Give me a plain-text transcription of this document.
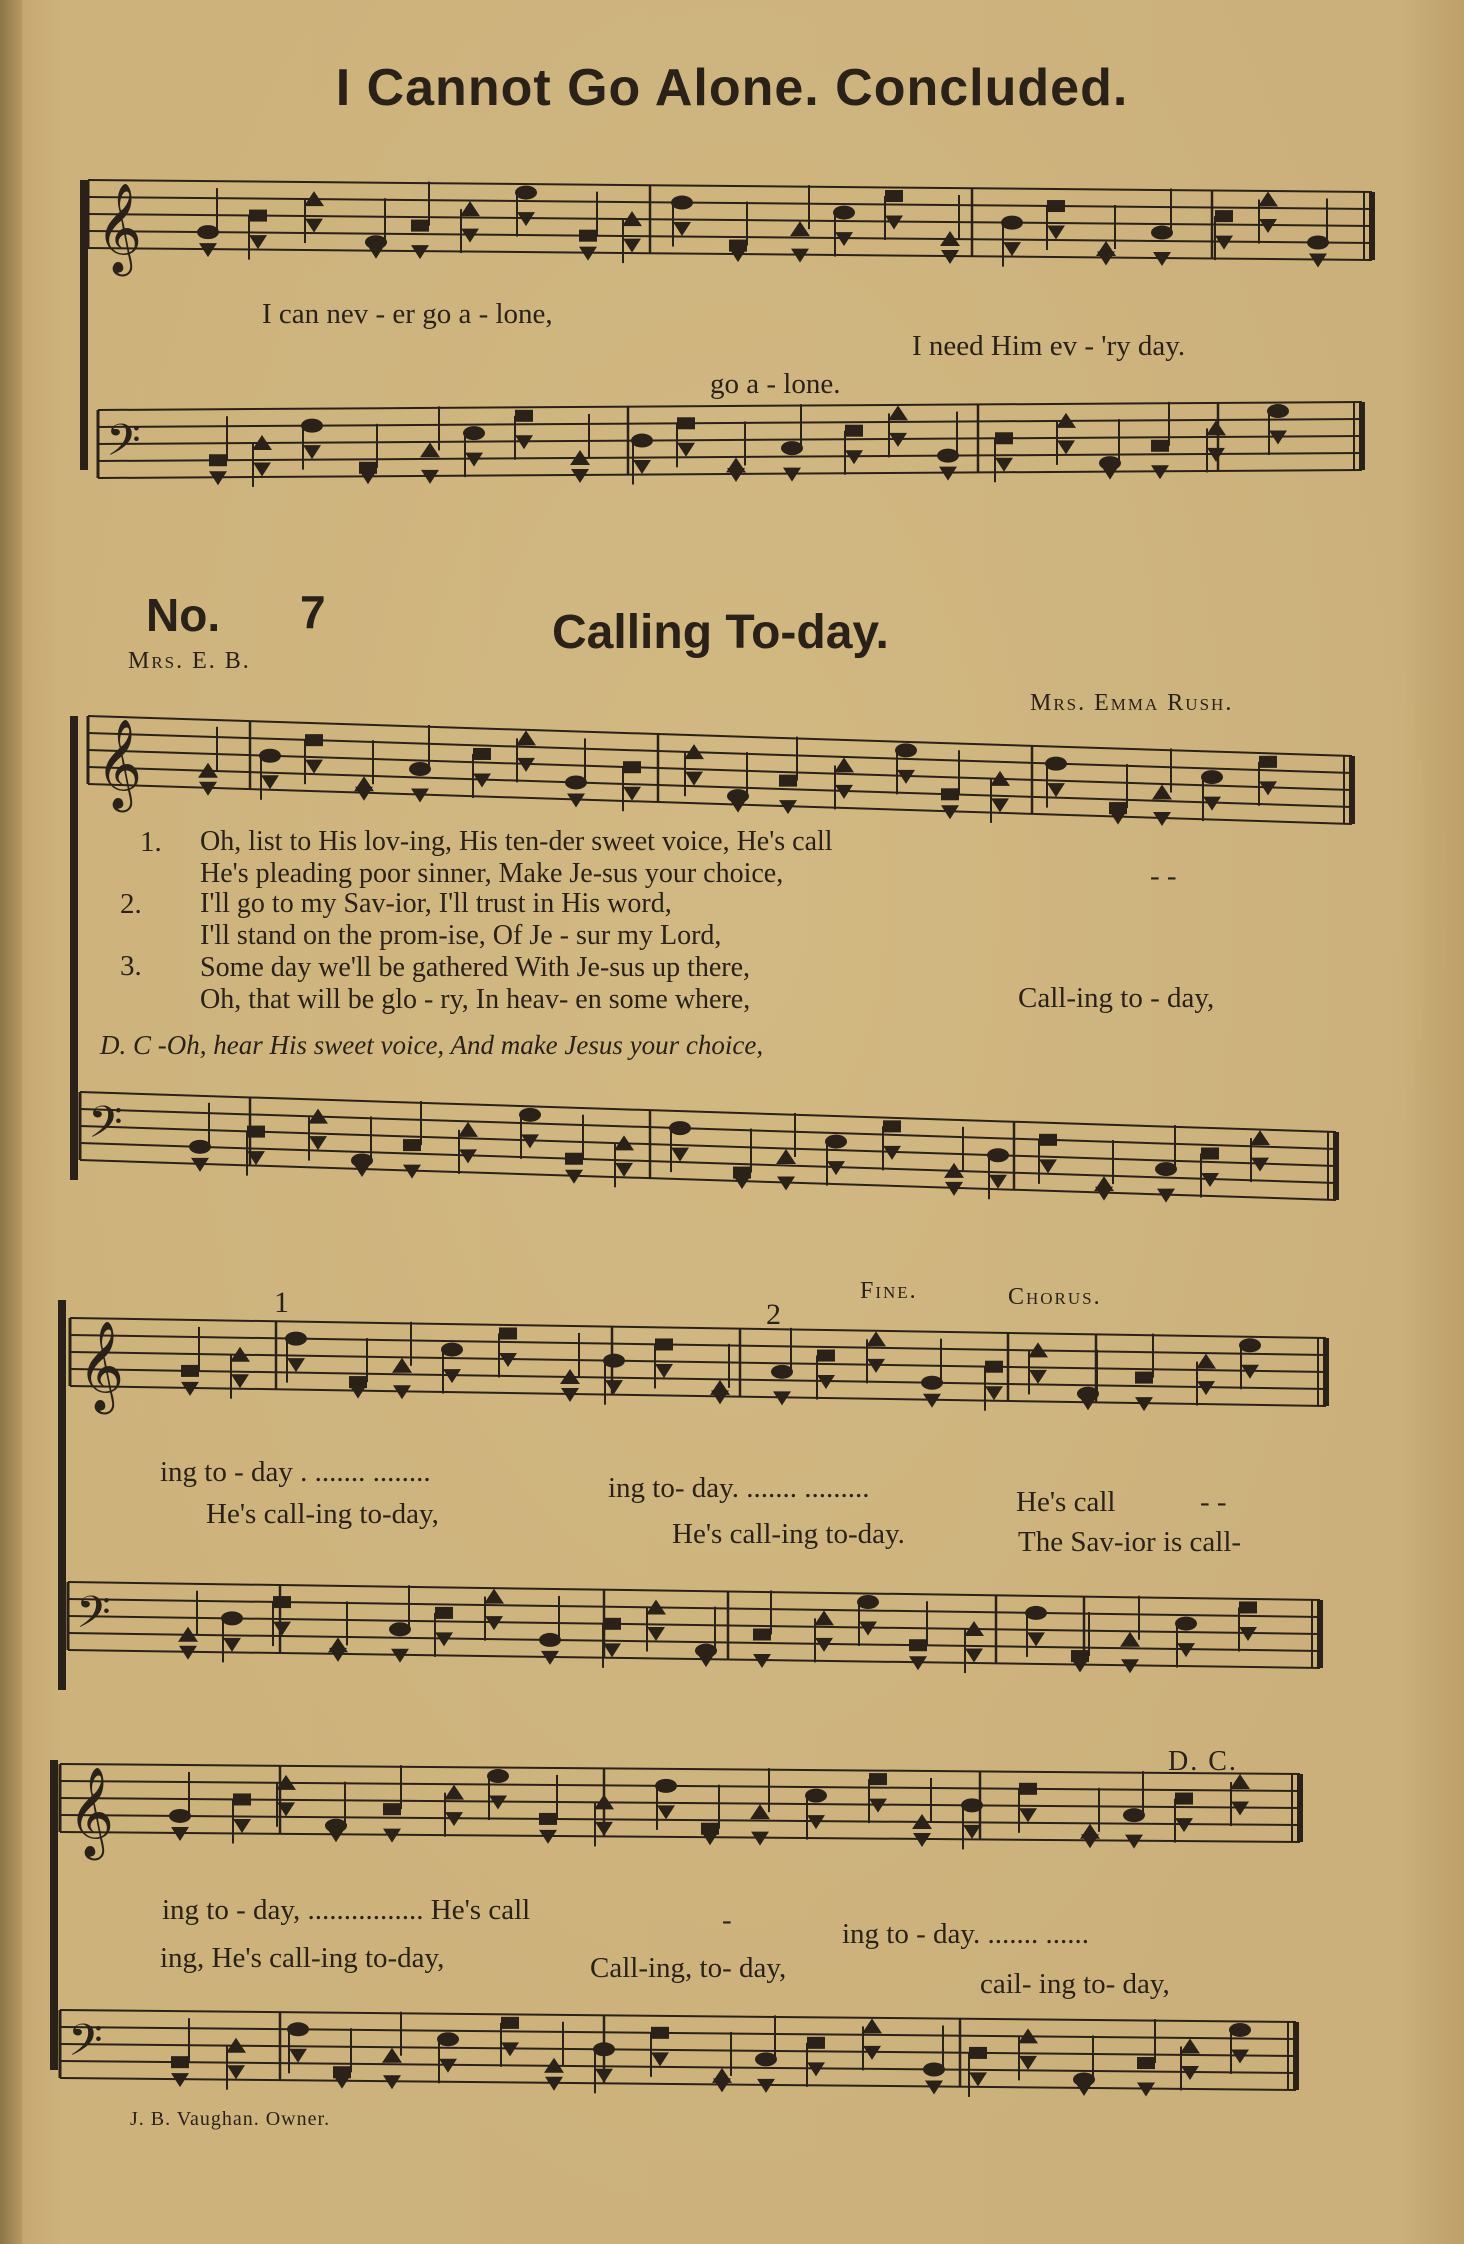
I Cannot Go Alone. Concluded.
𝄞
𝄢
𝄞
𝄢
𝄞
𝄢
𝄞
𝄢
I can nev - er go a - lone,
I need Him ev - 'ry day.
go a - lone.
No. 7	Calling To-day.
Mrs. E. B.
Mrs. Emma Rush.
1.
2.
3.
Oh, list to His lov-ing, His ten-der sweet voice, He's call
He's pleading poor sinner, Make Je-sus your choice,
I'll go to my Sav-ior, I'll trust in His word,
I'll stand on the prom-ise, Of Je - sur my Lord,
Some day we'll be gathered With Je-sus up there,
Oh, that will be glo - ry, In heav- en some where,
- -
Call-ing to - day,
D. C -Oh, hear His sweet voice, And make Jesus your choice,
1	2
Fine.	Chorus.
ing to - day . ....... ........	ing to- day. ....... .........	He's call	- -
He's call-ing to-day,
He's call-ing to-day.	The Sav-ior is call-
D. C.
ing to - day, ................ He's call	-	ing to - day. ....... ......
ing, He's call-ing to-day,	Call-ing, to- day,	cail- ing to- day,
J. B. Vaughan. Owner.
